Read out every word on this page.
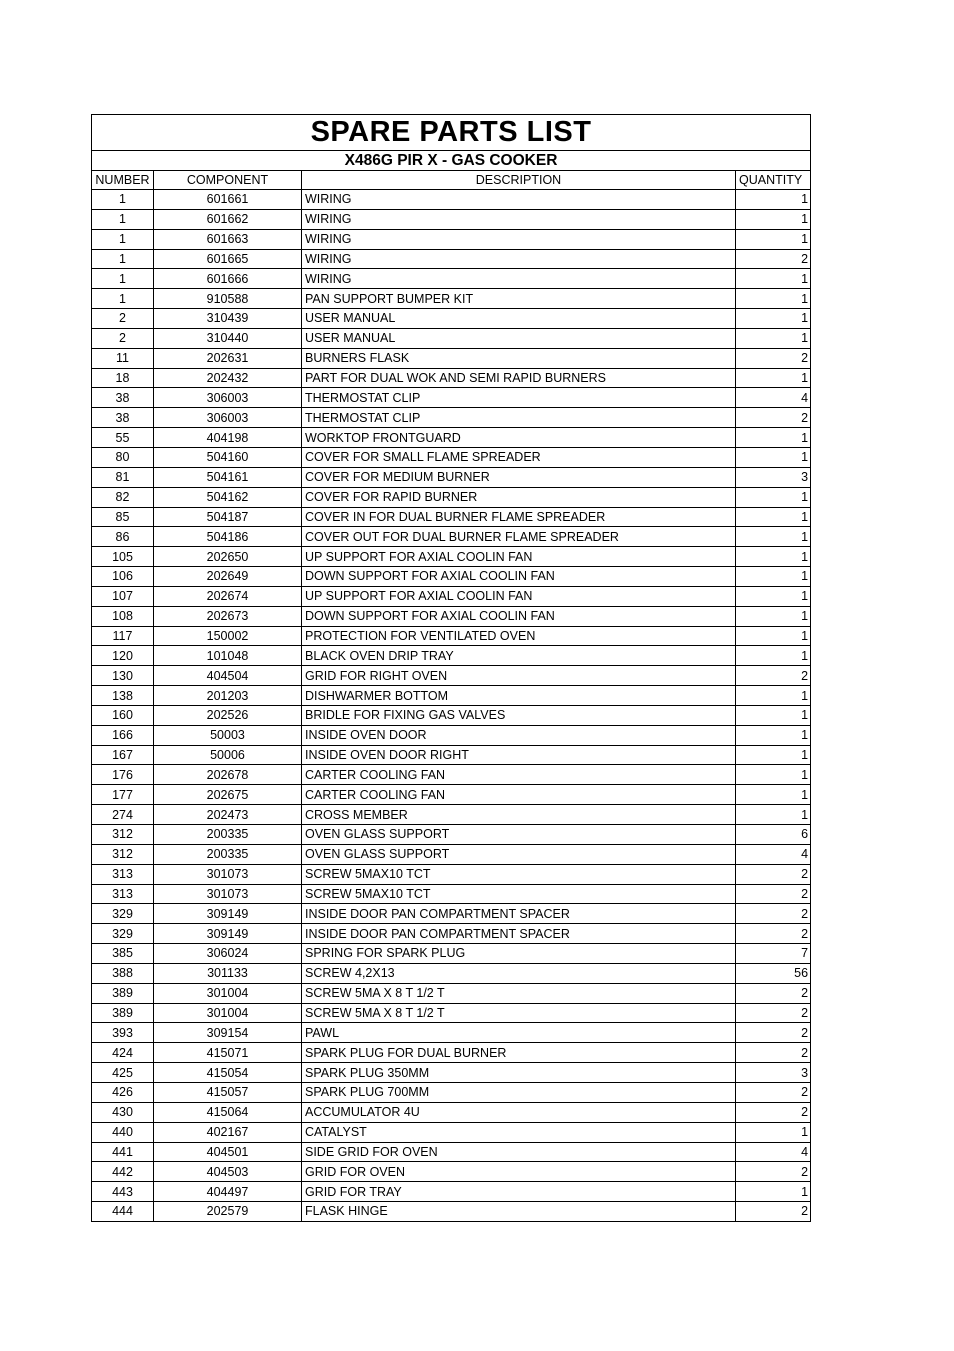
SPARE PARTS LIST			
X486G PIR X - GAS COOKER			
NUMBER	COMPONENT	DESCRIPTION	QUANTITY
1	601661	WIRING	1
1	601662	WIRING	1
1	601663	WIRING	1
1	601665	WIRING	2
1	601666	WIRING	1
1	910588	PAN SUPPORT BUMPER KIT	1
2	310439	USER MANUAL	1
2	310440	USER MANUAL	1
11	202631	BURNERS FLASK	2
18	202432	PART FOR DUAL WOK AND SEMI RAPID BURNERS	1
38	306003	THERMOSTAT CLIP	4
38	306003	THERMOSTAT CLIP	2
55	404198	WORKTOP FRONTGUARD	1
80	504160	COVER FOR SMALL FLAME SPREADER	1
81	504161	COVER FOR MEDIUM BURNER	3
82	504162	COVER FOR RAPID BURNER	1
85	504187	COVER IN FOR DUAL BURNER FLAME SPREADER	1
86	504186	COVER OUT FOR DUAL BURNER FLAME SPREADER	1
105	202650	UP SUPPORT FOR AXIAL COOLIN FAN	1
106	202649	DOWN SUPPORT FOR AXIAL COOLIN FAN	1
107	202674	UP SUPPORT FOR AXIAL COOLIN FAN	1
108	202673	DOWN SUPPORT FOR AXIAL COOLIN FAN	1
117	150002	PROTECTION FOR VENTILATED OVEN	1
120	101048	BLACK OVEN DRIP TRAY	1
130	404504	GRID FOR RIGHT OVEN	2
138	201203	DISHWARMER BOTTOM	1
160	202526	BRIDLE FOR FIXING GAS VALVES	1
166	50003	INSIDE OVEN DOOR	1
167	50006	INSIDE OVEN DOOR RIGHT	1
176	202678	CARTER COOLING FAN	1
177	202675	CARTER COOLING FAN	1
274	202473	CROSS MEMBER	1
312	200335	OVEN GLASS SUPPORT	6
312	200335	OVEN GLASS SUPPORT	4
313	301073	SCREW 5MAX10 TCT	2
313	301073	SCREW 5MAX10 TCT	2
329	309149	INSIDE DOOR PAN COMPARTMENT SPACER	2
329	309149	INSIDE DOOR PAN COMPARTMENT SPACER	2
385	306024	SPRING FOR SPARK PLUG	7
388	301133	SCREW 4,2X13	56
389	301004	SCREW 5MA X 8 T 1/2 T	2
389	301004	SCREW 5MA X 8 T 1/2 T	2
393	309154	PAWL	2
424	415071	SPARK PLUG FOR DUAL BURNER	2
425	415054	SPARK PLUG 350MM	3
426	415057	SPARK PLUG 700MM	2
430	415064	ACCUMULATOR 4U	2
440	402167	CATALYST	1
441	404501	SIDE GRID FOR OVEN	4
442	404503	GRID FOR OVEN	2
443	404497	GRID FOR TRAY	1
444	202579	FLASK HINGE	2
